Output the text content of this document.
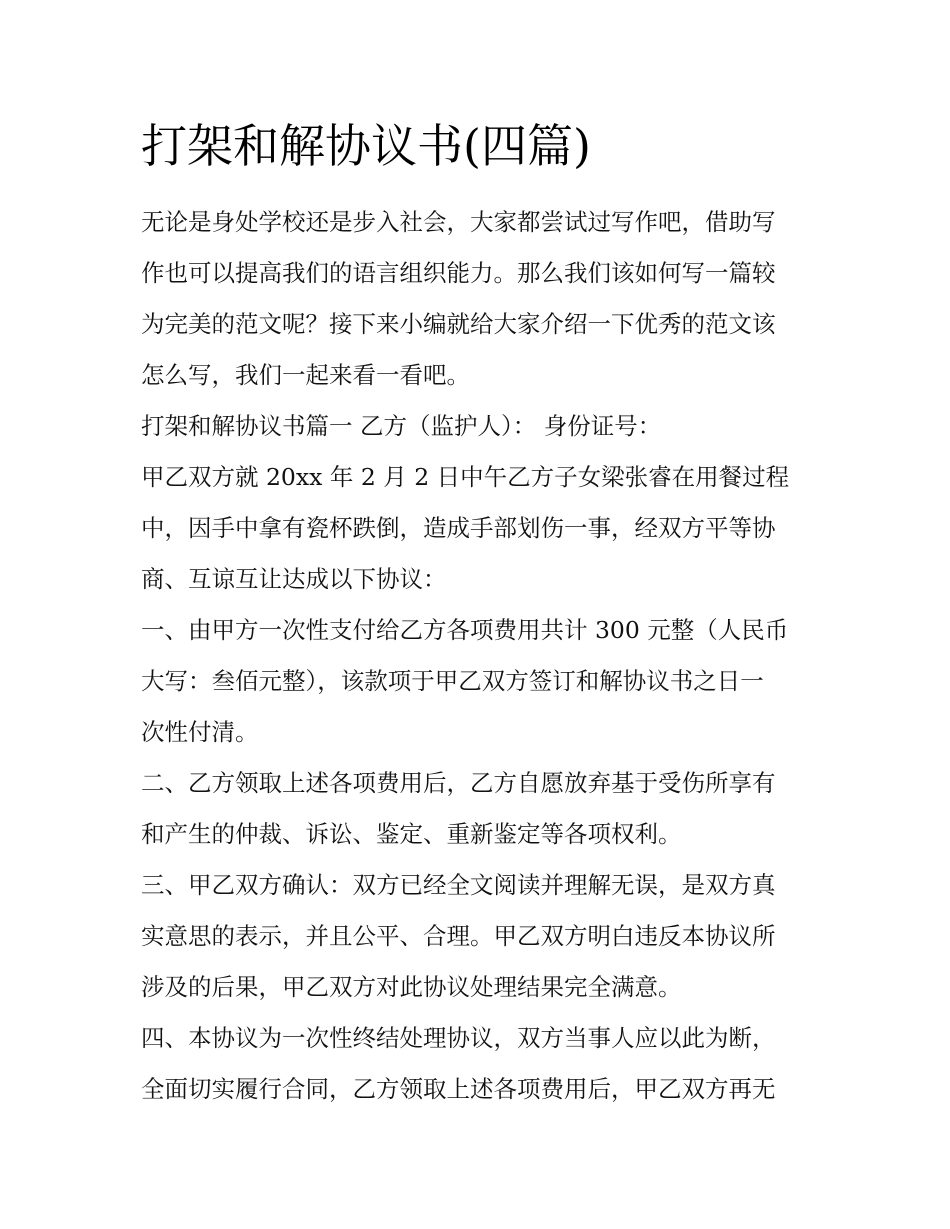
打架和解协议书(四篇)
无论是身处学校还是步入社会，大家都尝试过写作吧，借助写
作也可以提高我们的语言组织能力。那么我们该如何写一篇较
为完美的范文呢？接下来小编就给大家介绍一下优秀的范文该
怎么写，我们一起来看一看吧。
打架和解协议书篇一 乙方（监护人）： 身份证号：
甲乙双方就 20xx 年 2 月 2 日中午乙方子女梁张睿在用餐过程
中，因手中拿有瓷杯跌倒，造成手部划伤一事，经双方平等协
商、互谅互让达成以下协议：
一、由甲方一次性支付给乙方各项费用共计 300 元整（人民币
大写：叁佰元整），该款项于甲乙双方签订和解协议书之日一
次性付清。
二、乙方领取上述各项费用后，乙方自愿放弃基于受伤所享有
和产生的仲裁、诉讼、鉴定、重新鉴定等各项权利。
三、甲乙双方确认：双方已经全文阅读并理解无误，是双方真
实意思的表示，并且公平、合理。甲乙双方明白违反本协议所
涉及的后果，甲乙双方对此协议处理结果完全满意。
四、本协议为一次性终结处理协议，双方当事人应以此为断，
全面切实履行合同，乙方领取上述各项费用后，甲乙双方再无
